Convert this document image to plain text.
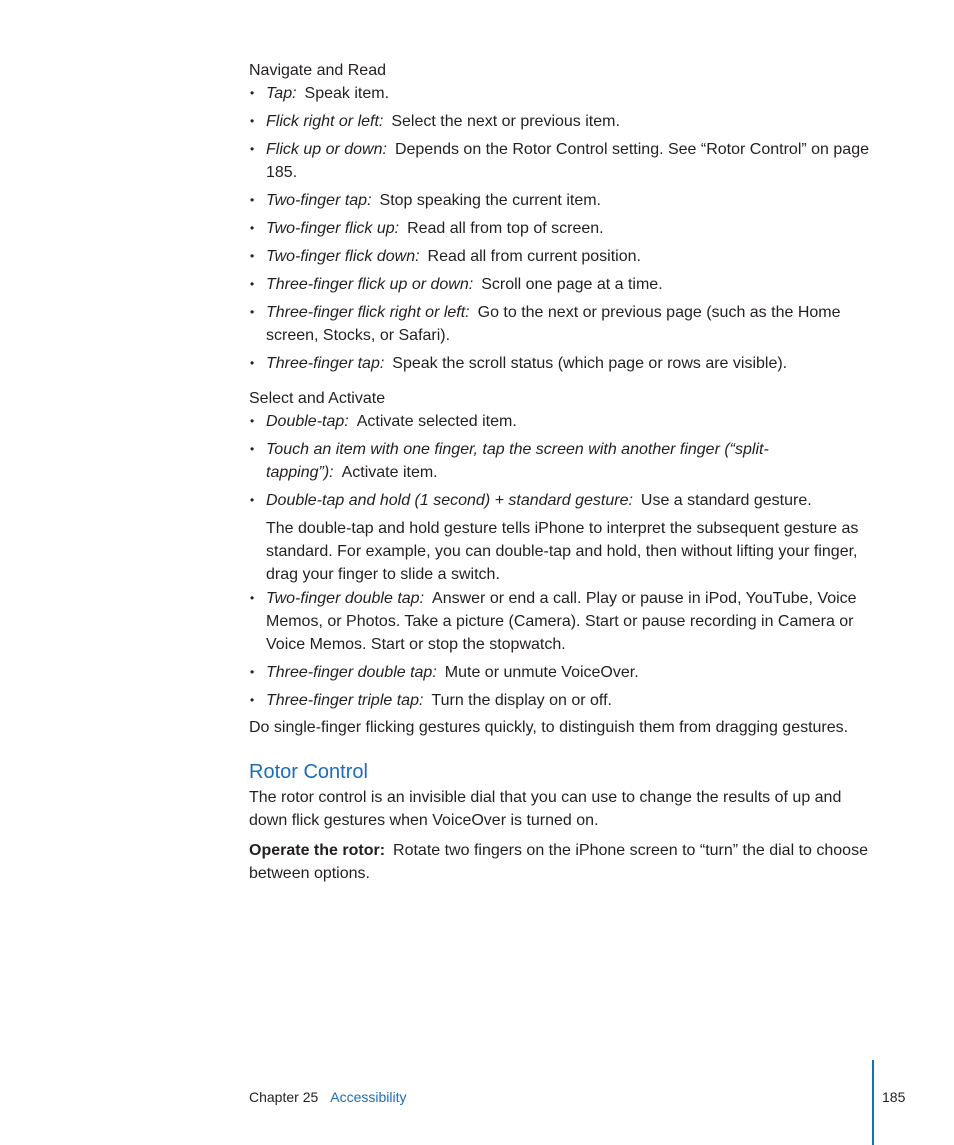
Navigate and Read
• Tap: Speak item.
• Flick right or left: Select the next or previous item.
• Flick up or down: Depends on the Rotor Control setting. See “Rotor Control” on page 185.
• Two-finger tap: Stop speaking the current item.
• Two-finger flick up: Read all from top of screen.
• Two-finger flick down: Read all from current position.
• Three-finger flick up or down: Scroll one page at a time.
• Three-finger flick right or left: Go to the next or previous page (such as the Home screen, Stocks, or Safari).
• Three-finger tap: Speak the scroll status (which page or rows are visible).
Select and Activate
• Double-tap: Activate selected item.
• Touch an item with one finger, tap the screen with another finger (“split-tapping”): Activate item.
• Double-tap and hold (1 second) + standard gesture: Use a standard gesture.
The double-tap and hold gesture tells iPhone to interpret the subsequent gesture as standard. For example, you can double-tap and hold, then without lifting your finger, drag your finger to slide a switch.
• Two-finger double tap: Answer or end a call. Play or pause in iPod, YouTube, Voice Memos, or Photos. Take a picture (Camera). Start or pause recording in Camera or Voice Memos. Start or stop the stopwatch.
• Three-finger double tap: Mute or unmute VoiceOver.
• Three-finger triple tap: Turn the display on or off.

Do single-finger flicking gestures quickly, to distinguish them from dragging gestures.

Rotor Control

The rotor control is an invisible dial that you can use to change the results of up and down flick gestures when VoiceOver is turned on.

Operate the rotor: Rotate two fingers on the iPhone screen to “turn” the dial to choose between options.

Chapter 25 Accessibility	185
